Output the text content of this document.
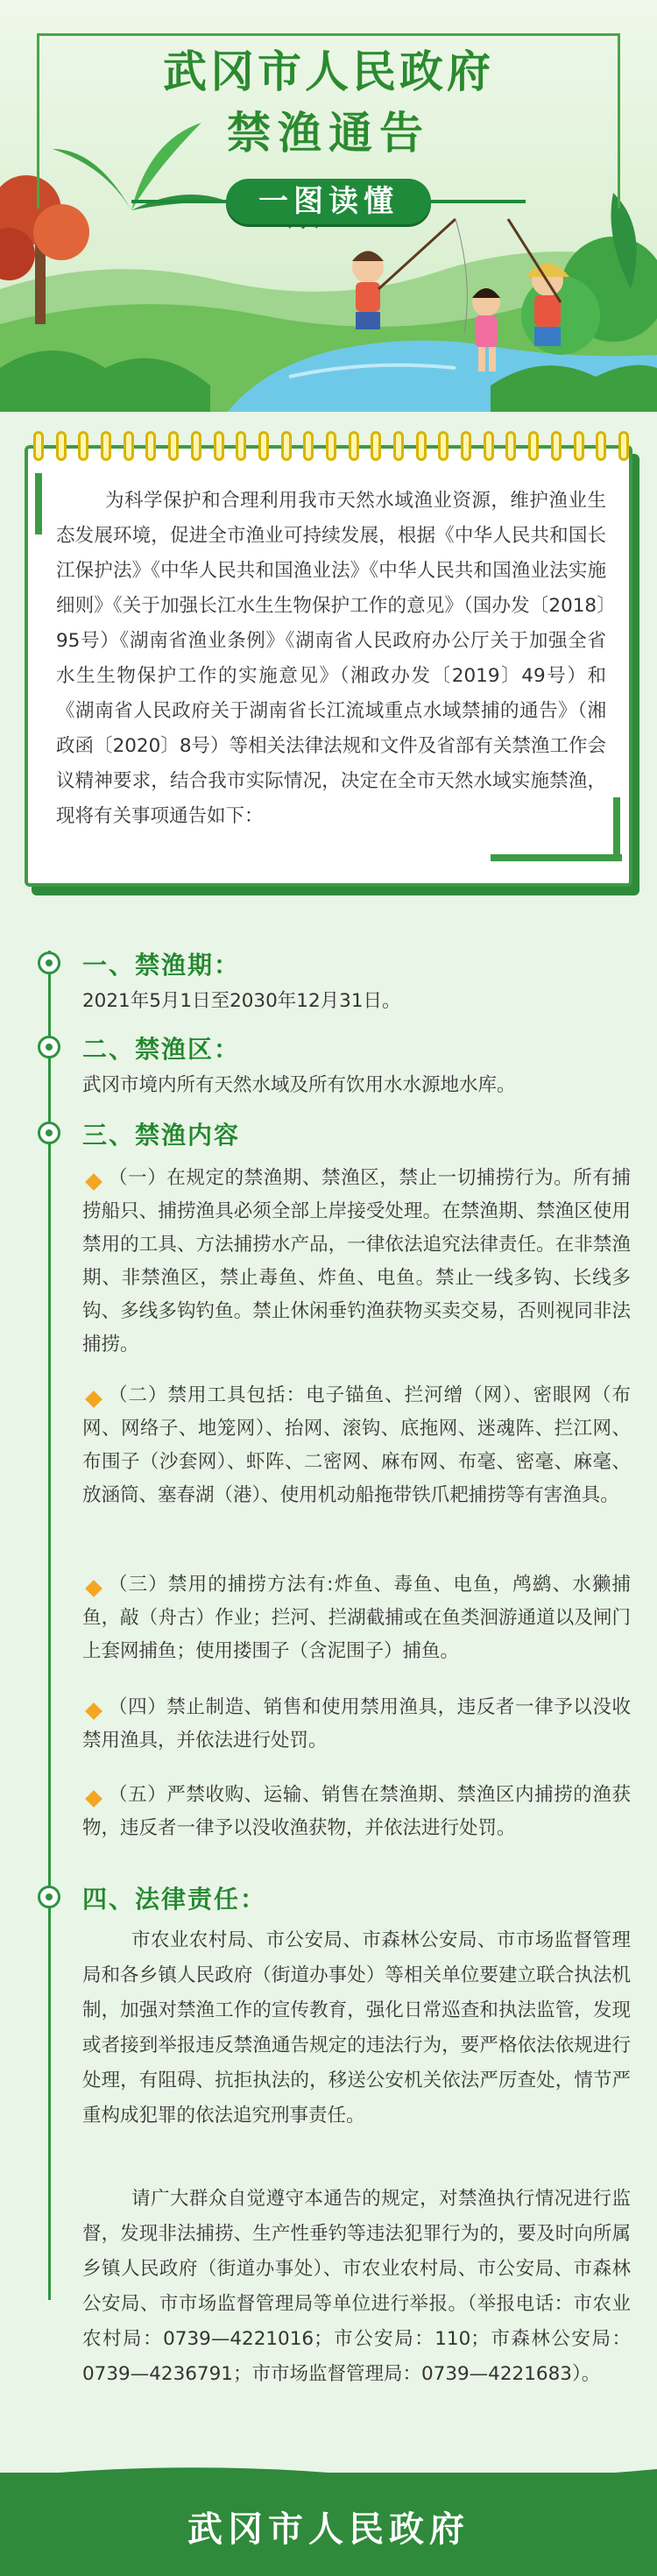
武冈市人民政府
禁渔通告
一图读懂
为科学保护和合理利用我市天然水域渔业资源，维护渔业生态发展环境，促进全市渔业可持续发展，根据《中华人民共和国长江保护法》《中华人民共和国渔业法》《中华人民共和国渔业法实施细则》《关于加强长江水生生物保护工作的意见》（国办发〔2018〕95号）《湖南省渔业条例》《湖南省人民政府办公厅关于加强全省水生生物保护工作的实施意见》（湘政办发〔2019〕49号）和《湖南省人民政府关于湖南省长江流域重点水域禁捕的通告》（湘政函〔2020〕8号）等相关法律法规和文件及省部有关禁渔工作会议精神要求，结合我市实际情况，决定在全市天然水域实施禁渔，现将有关事项通告如下：
一、禁渔期：
2021年5月1日至2030年12月31日。
二、禁渔区：
武冈市境内所有天然水域及所有饮用水水源地水库。
三、禁渔内容
（一）在规定的禁渔期、禁渔区，禁止一切捕捞行为。所有捕捞船只、捕捞渔具必须全部上岸接受处理。在禁渔期、禁渔区使用禁用的工具、方法捕捞水产品，一律依法追究法律责任。在非禁渔期、非禁渔区，禁止毒鱼、炸鱼、电鱼。禁止一线多钩、长线多钩、多线多钩钓鱼。禁止休闲垂钓渔获物买卖交易，否则视同非法捕捞。
（二）禁用工具包括：电子锚鱼、拦河缯（网）、密眼网（布网、网络子、地笼网）、抬网、滚钩、底拖网、迷魂阵、拦江网、布围子（沙套网）、虾阵、二密网、麻布网、布毫、密毫、麻毫、放涵筒、塞春湖（港）、使用机动船拖带铁爪耙捕捞等有害渔具。
（三）禁用的捕捞方法有:炸鱼、毒鱼、电鱼，鸬鹚、水獭捕鱼，敲（舟古）作业；拦河、拦湖截捕或在鱼类洄游通道以及闸门上套网捕鱼；使用搂围子（含泥围子）捕鱼。
（四）禁止制造、销售和使用禁用渔具，违反者一律予以没收禁用渔具，并依法进行处罚。
（五）严禁收购、运输、销售在禁渔期、禁渔区内捕捞的渔获物，违反者一律予以没收渔获物，并依法进行处罚。
四、法律责任：
市农业农村局、市公安局、市森林公安局、市市场监督管理局和各乡镇人民政府（街道办事处）等相关单位要建立联合执法机制，加强对禁渔工作的宣传教育，强化日常巡查和执法监管，发现或者接到举报违反禁渔通告规定的违法行为，要严格依法依规进行处理，有阻碍、抗拒执法的，移送公安机关依法严厉查处，情节严重构成犯罪的依法追究刑事责任。
请广大群众自觉遵守本通告的规定，对禁渔执行情况进行监督，发现非法捕捞、生产性垂钓等违法犯罪行为的，要及时向所属乡镇人民政府（街道办事处）、市农业农村局、市公安局、市森林公安局、市市场监督管理局等单位进行举报。（举报电话：市农业农村局：0739—4221016；市公安局：110；市森林公安局：0739—4236791；市市场监督管理局：0739—4221683）。
武冈市人民政府
